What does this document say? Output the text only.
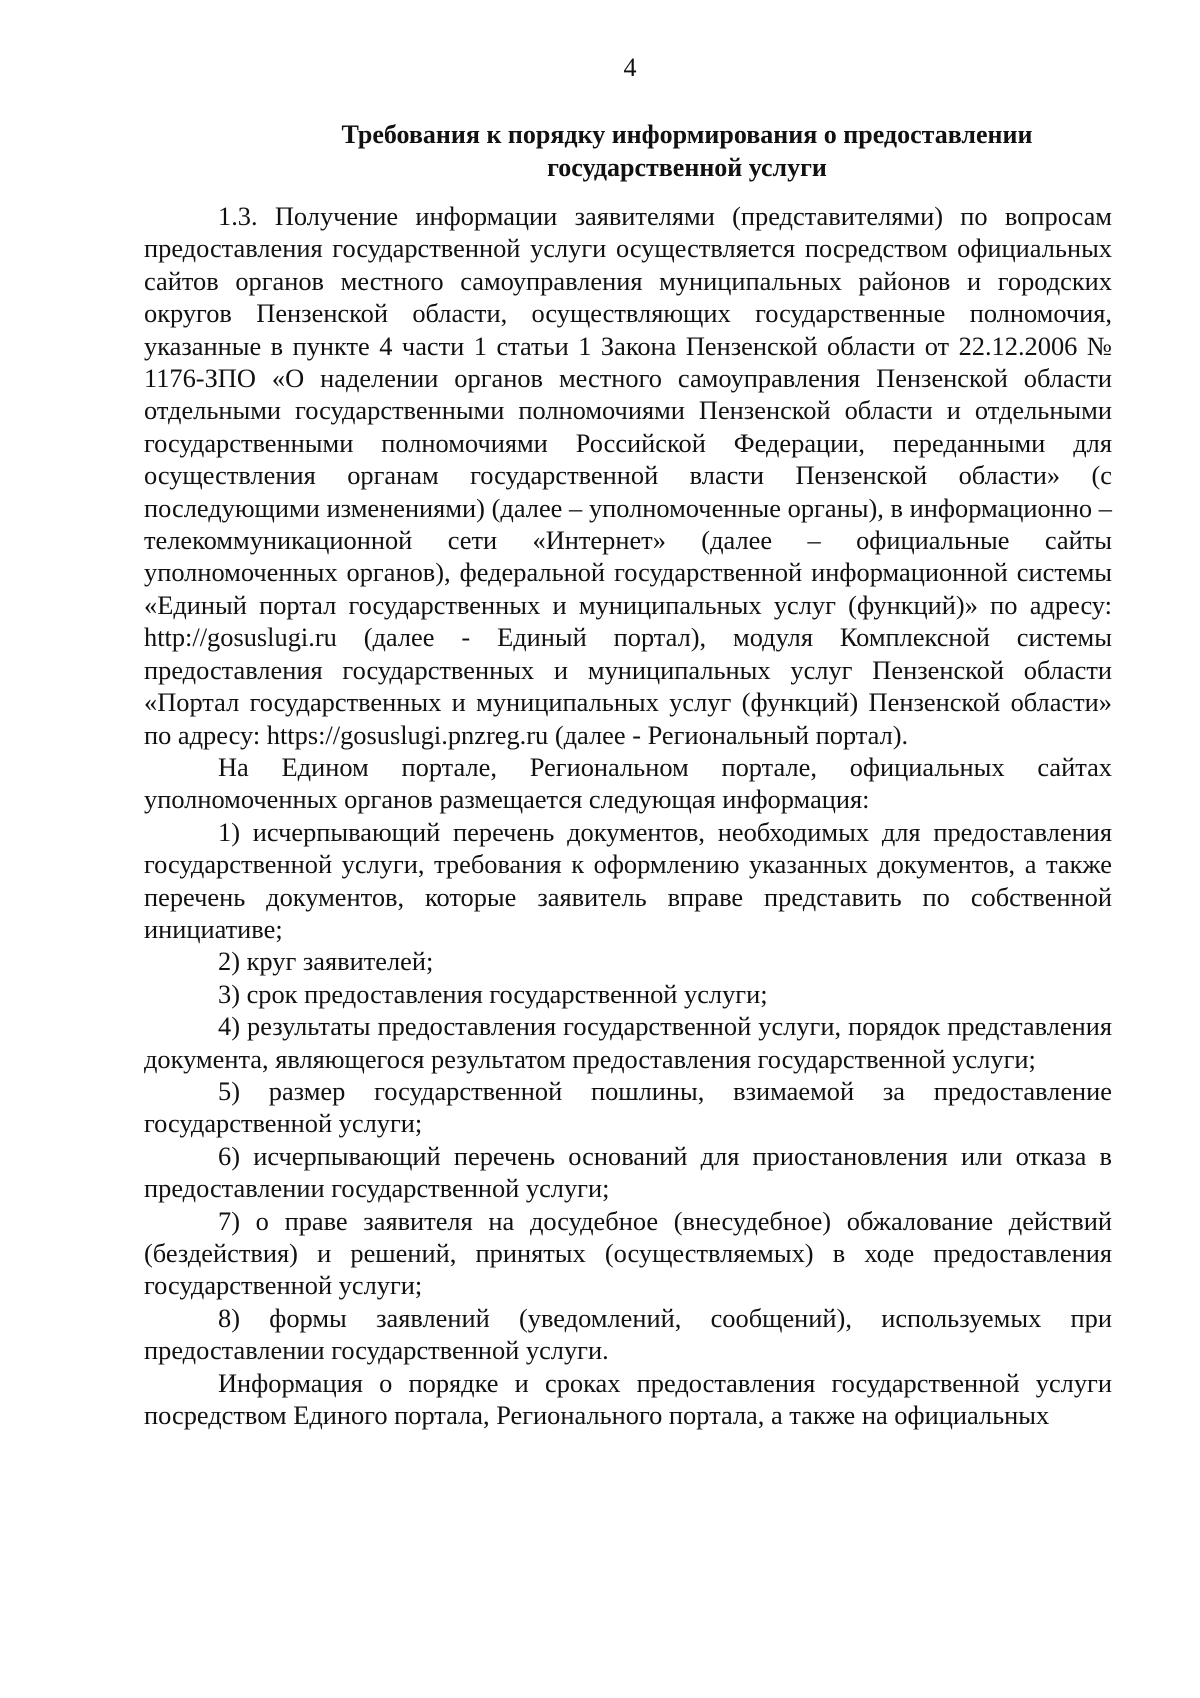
4
Требования к порядку информирования о предоставлении
государственной услуги

1.3. Получение информации заявителями (представителями) по вопросам предоставления государственной услуги осуществляется посредством официальных сайтов органов местного самоуправления муниципальных районов и городских округов Пензенской области, осуществляющих государственные полномочия, указанные в пункте 4 части 1 статьи 1 Закона Пензенской области от 22.12.2006 № 1176-ЗПО «О наделении органов местного самоуправления Пензенской области отдельными государственными полномочиями Пензенской области и отдельными государственными полномочиями Российской Федерации, переданными для осуществления органам государственной власти Пензенской области» (с последующими изменениями) (далее – уполномоченные органы), в информационно – телекоммуникационной сети «Интернет» (далее – официальные сайты уполномоченных органов), федеральной государственной информационной системы «Единый портал государственных и муниципальных услуг (функций)» по адресу: http://gosuslugi.ru (далее - Единый портал), модуля Комплексной системы предоставления государственных и муниципальных услуг Пензенской области «Портал государственных и муниципальных услуг (функций) Пензенской области» по адресу: https://gosuslugi.pnzreg.ru (далее - Региональный портал).

На Едином портале, Региональном портале, официальных сайтах уполномоченных органов размещается следующая информация:

1) исчерпывающий перечень документов, необходимых для предоставления государственной услуги, требования к оформлению указанных документов, а также перечень документов, которые заявитель вправе представить по собственной инициативе;

2) круг заявителей;

3) срок предоставления государственной услуги;

4) результаты предоставления государственной услуги, порядок представления документа, являющегося результатом предоставления государственной услуги;

5) размер государственной пошлины, взимаемой за предоставление государственной услуги;

6) исчерпывающий перечень оснований для приостановления или отказа в предоставлении государственной услуги;

7) о праве заявителя на досудебное (внесудебное) обжалование действий (бездействия) и решений, принятых (осуществляемых) в ходе предоставления государственной услуги;

8) формы заявлений (уведомлений, сообщений), используемых при предоставлении государственной услуги.

Информация о порядке и сроках предоставления государственной услуги посредством Единого портала, Регионального портала, а также на официальных
